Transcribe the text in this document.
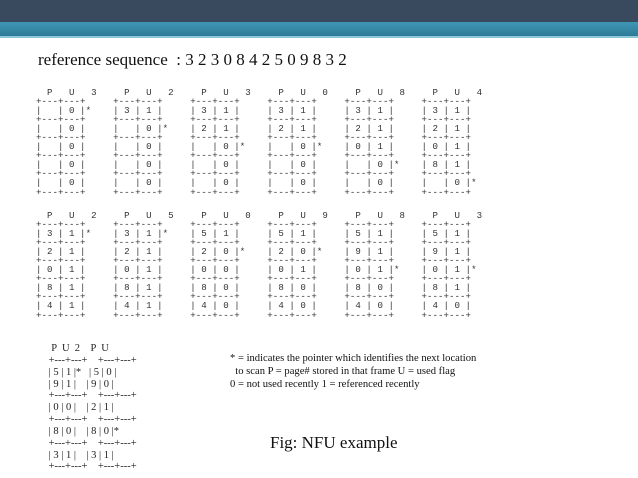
reference sequence  : 3 2 3 0 8 4 2 5 0 9 8 3 2
P   U   3     P   U   2     P   U   3     P   U   0     P   U   8     P   U   4
+---+---+     +---+---+     +---+---+     +---+---+     +---+---+     +---+---+
|   | 0 |*    | 3 | 1 |     | 3 | 1 |     | 3 | 1 |     | 3 | 1 |     | 3 | 1 |
+---+---+     +---+---+     +---+---+     +---+---+     +---+---+     +---+---+
|   | 0 |     |   | 0 |*    | 2 | 1 |     | 2 | 1 |     | 2 | 1 |     | 2 | 1 |
+---+---+     +---+---+     +---+---+     +---+---+     +---+---+     +---+---+
|   | 0 |     |   | 0 |     |   | 0 |*    |   | 0 |*    | 0 | 1 |     | 0 | 1 |
+---+---+     +---+---+     +---+---+     +---+---+     +---+---+     +---+---+
|   | 0 |     |   | 0 |     |   | 0 |     |   | 0 |     |   | 0 |*    | 8 | 1 |
+---+---+     +---+---+     +---+---+     +---+---+     +---+---+     +---+---+
|   | 0 |     |   | 0 |     |   | 0 |     |   | 0 |     |   | 0 |     |   | 0 |*
+---+---+     +---+---+     +---+---+     +---+---+     +---+---+     +---+---+
P   U   2     P   U   5     P   U   0     P   U   9     P   U   8     P   U   3
+---+---+     +---+---+     +---+---+     +---+---+     +---+---+     +---+---+
| 3 | 1 |*    | 3 | 1 |*    | 5 | 1 |     | 5 | 1 |     | 5 | 1 |     | 5 | 1 |
+---+---+     +---+---+     +---+---+     +---+---+     +---+---+     +---+---+
| 2 | 1 |     | 2 | 1 |     | 2 | 0 |*    | 2 | 0 |*    | 9 | 1 |     | 9 | 1 |
+---+---+     +---+---+     +---+---+     +---+---+     +---+---+     +---+---+
| 0 | 1 |     | 0 | 1 |     | 0 | 0 |     | 0 | 1 |     | 0 | 1 |*    | 0 | 1 |*
+---+---+     +---+---+     +---+---+     +---+---+     +---+---+     +---+---+
| 8 | 1 |     | 8 | 1 |     | 8 | 0 |     | 8 | 0 |     | 8 | 0 |     | 8 | 1 |
+---+---+     +---+---+     +---+---+     +---+---+     +---+---+     +---+---+
| 4 | 1 |     | 4 | 1 |     | 4 | 0 |     | 4 | 0 |     | 4 | 0 |     | 4 | 0 |
+---+---+     +---+---+     +---+---+     +---+---+     +---+---+     +---+---+
P  U  2    P  U
+---+---+    +---+---+
| 5 | 1 |*   | 5 | 0 |
| 9 | 1 |    | 9 | 0 |
+---+---+    +---+---+
| 0 | 0 |    | 2 | 1 |
+---+---+    +---+---+
| 8 | 0 |    | 8 | 0 |*
+---+---+    +---+---+
| 3 | 1 |    | 3 | 1 |
+---+---+    +---+---+
* = indicates the pointer which identifies the next location
to scan P = page# stored in that frame U = used flag
0 = not used recently 1 = referenced recently
Fig: NFU example
